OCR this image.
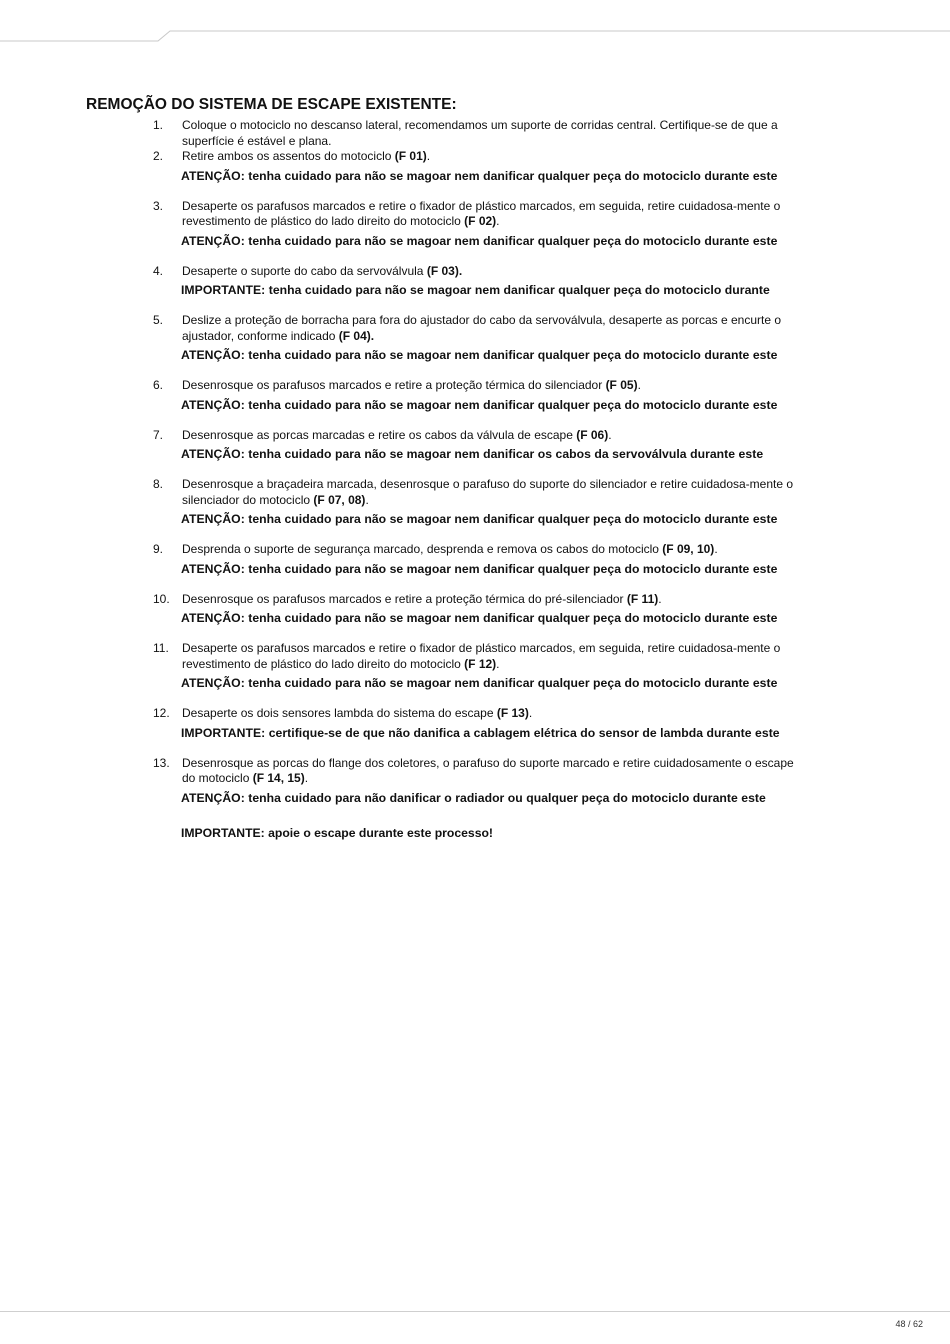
REMOÇÃO DO SISTEMA DE ESCAPE EXISTENTE:
1.	Coloque o motociclo no descanso lateral, recomendamos um suporte de corridas central. Certifique-se de que a superfície é estável e plana.

2.	Retire ambos os assentos do motociclo (F 01).

ATENÇÃO: tenha cuidado para não se magoar nem danificar qualquer peça do motociclo durante este

3.	Desaperte os parafusos marcados e retire o fixador de plástico marcados, em seguida, retire cuidadosa-mente o revestimento de plástico do lado direito do motociclo (F 02).

ATENÇÃO: tenha cuidado para não se magoar nem danificar qualquer peça do motociclo durante este

4.	Desaperte o suporte do cabo da servoválvula (F 03).

IMPORTANTE: tenha cuidado para não se magoar nem danificar qualquer peça do motociclo durante

5.	Deslize a proteção de borracha para fora do ajustador do cabo da servoválvula, desaperte as porcas e encurte o ajustador, conforme indicado (F 04).

ATENÇÃO: tenha cuidado para não se magoar nem danificar qualquer peça do motociclo durante este

6.	Desenrosque os parafusos marcados e retire a proteção térmica do silenciador (F 05).

ATENÇÃO: tenha cuidado para não se magoar nem danificar qualquer peça do motociclo durante este

7.	Desenrosque as porcas marcadas e retire os cabos da válvula de escape (F 06).

ATENÇÃO: tenha cuidado para não se magoar nem danificar os cabos da servoválvula durante este

8.	Desenrosque a braçadeira marcada, desenrosque o parafuso do suporte do silenciador e retire cuidadosa-mente o silenciador do motociclo (F 07, 08).

ATENÇÃO: tenha cuidado para não se magoar nem danificar qualquer peça do motociclo durante este

9.	Desprenda o suporte de segurança marcado, desprenda e remova os cabos do motociclo (F 09, 10).

ATENÇÃO: tenha cuidado para não se magoar nem danificar qualquer peça do motociclo durante este

10.	Desenrosque os parafusos marcados e retire a proteção térmica do pré-silenciador (F 11).

ATENÇÃO: tenha cuidado para não se magoar nem danificar qualquer peça do motociclo durante este

11.	Desaperte os parafusos marcados e retire o fixador de plástico marcados, em seguida, retire cuidadosa-mente o revestimento de plástico do lado direito do motociclo (F 12).

ATENÇÃO: tenha cuidado para não se magoar nem danificar qualquer peça do motociclo durante este

12.	Desaperte os dois sensores lambda do sistema do escape (F 13).

IMPORTANTE: certifique-se de que não danifica a cablagem elétrica do sensor de lambda durante este

13.	Desenrosque as porcas do flange dos coletores, o parafuso do suporte marcado e retire cuidadosamente o escape do motociclo (F 14, 15).

ATENÇÃO: tenha cuidado para não danificar o radiador ou qualquer peça do motociclo durante este

IMPORTANTE: apoie o escape durante este processo!

48 / 62
